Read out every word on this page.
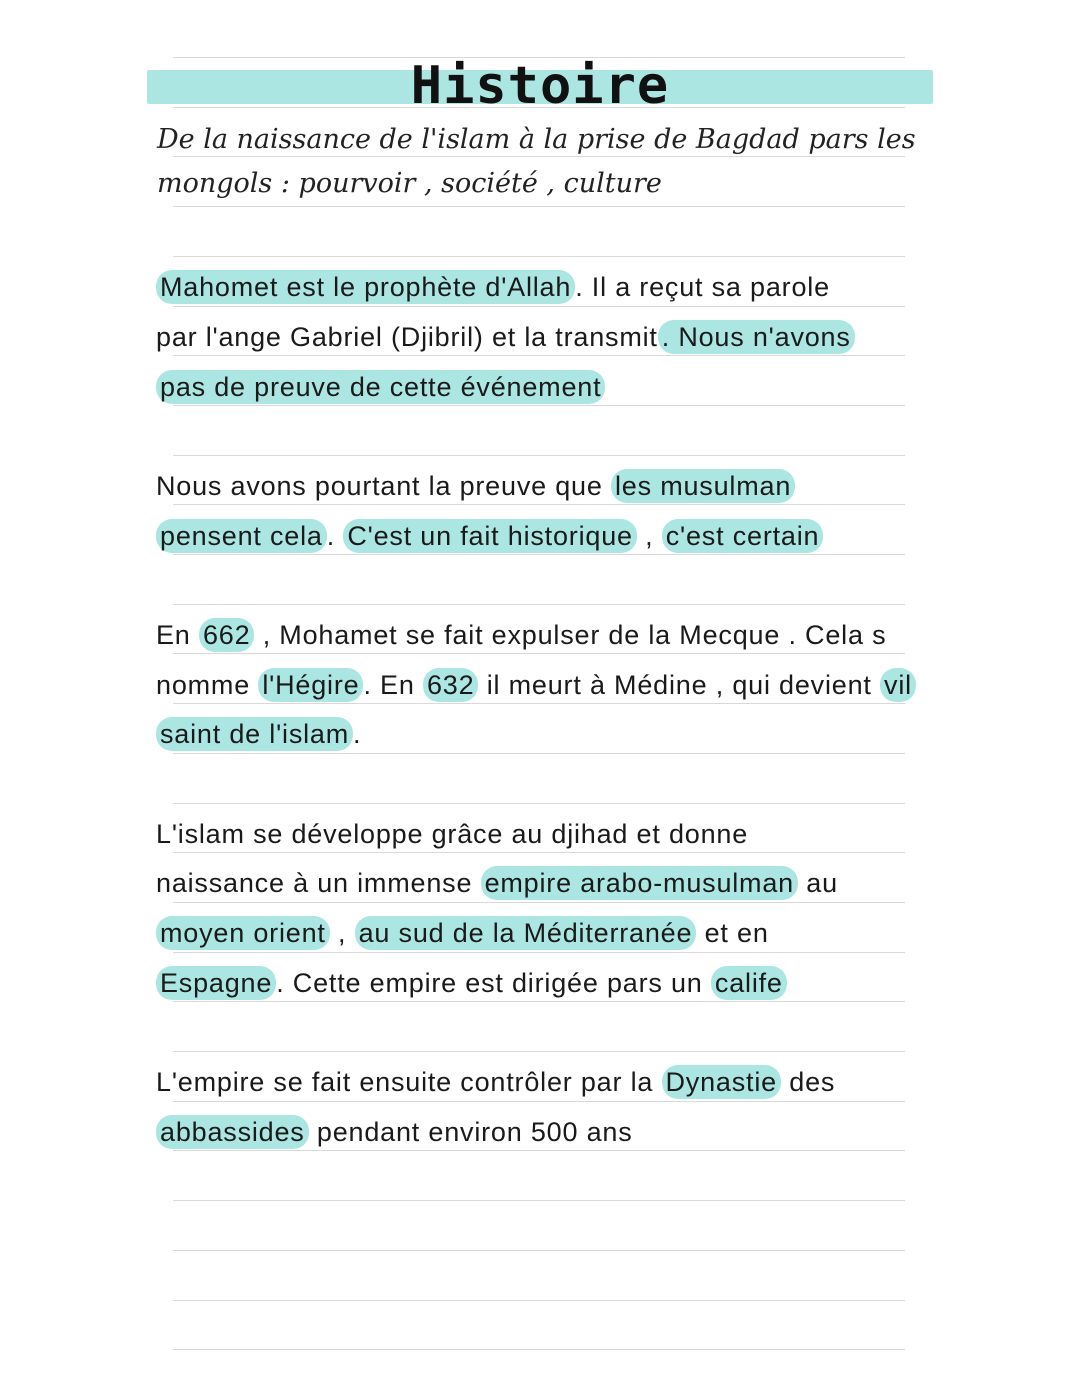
Histoire
De la naissance de l'islam à la prise de Bagdad pars les
mongols : pourvoir , société , culture
Mahomet est le prophète d'Allah . Il a reçut sa parole
par l'ange Gabriel (Djibril) et la transmit . Nous n'avons
pas de preuve de cette événement
Nous avons pourtant la preuve que les musulman
pensent cela . C'est un fait historique , c'est certain
En 662 , Mohamet se fait expulser de la Mecque . Cela s
nomme l'Hégire . En 632 il meurt à Médine , qui devient vil
saint de l'islam .
L'islam se développe grâce au djihad et donne
naissance à un immense empire arabo-musulman au
moyen orient , au sud de la Méditerranée et en
Espagne . Cette empire est dirigée pars un calife
L'empire se fait ensuite contrôler par la Dynastie des
abbassides pendant environ 500 ans
